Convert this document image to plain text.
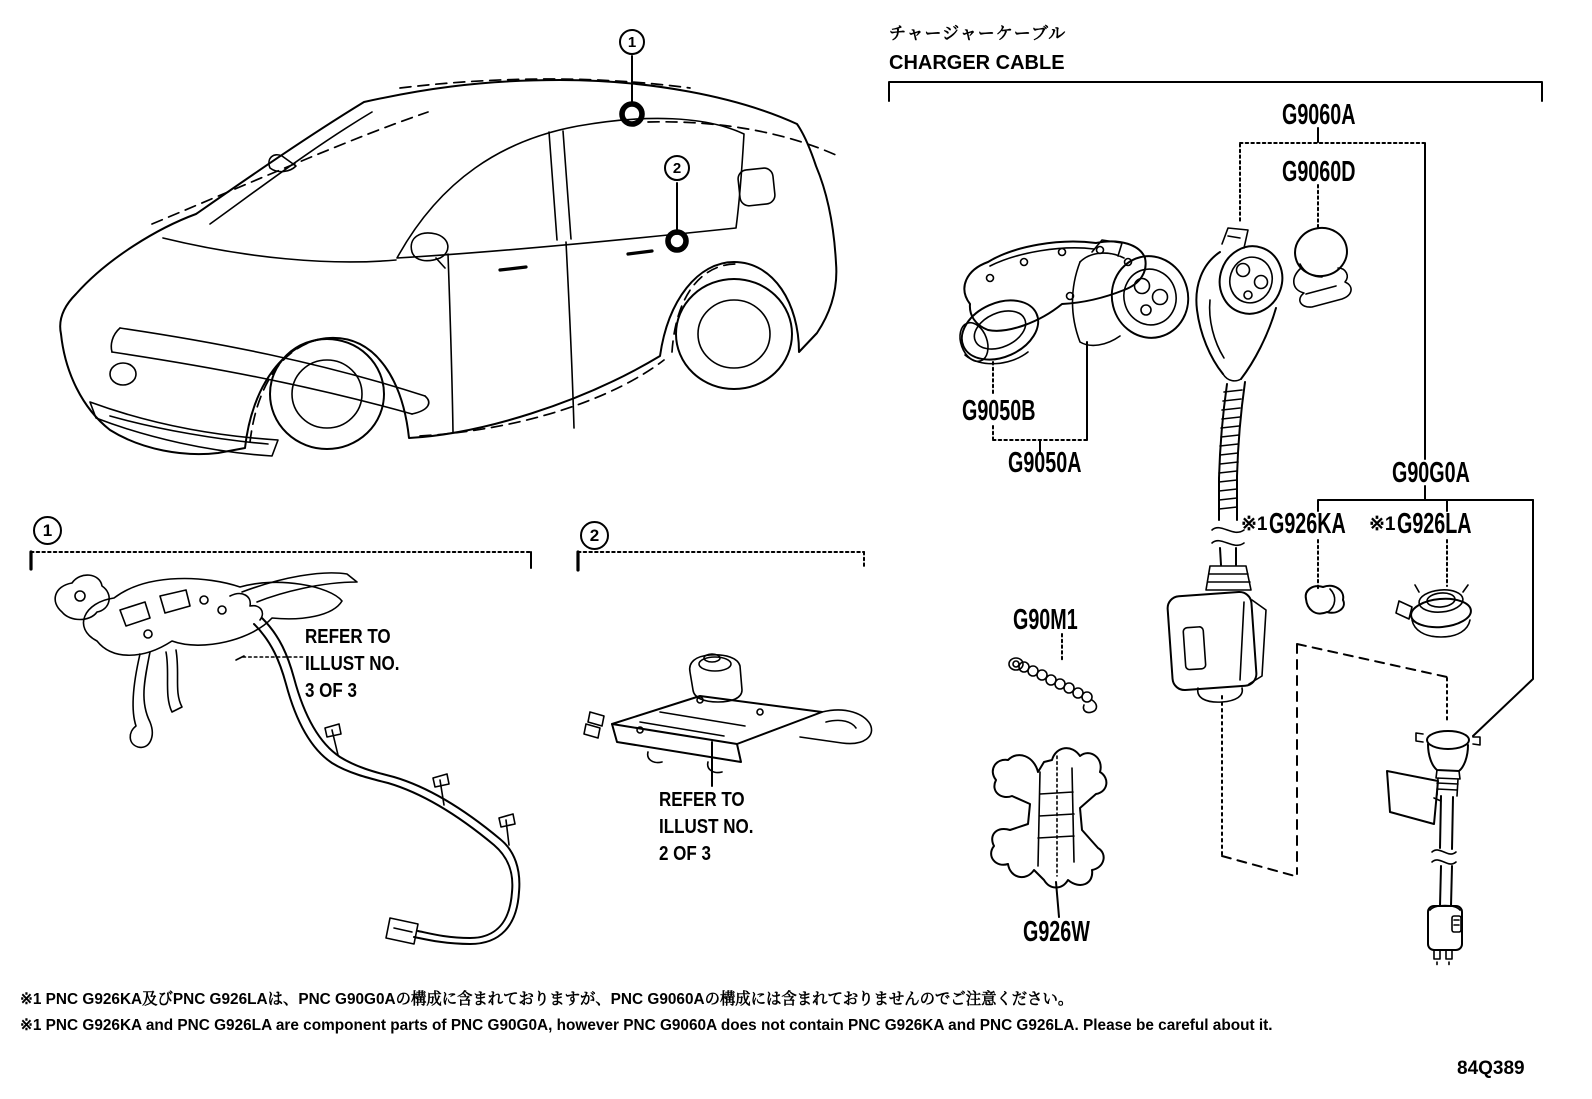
チャージャーケーブル
CHARGER CABLE
1
2
1	2
G9060A
G9060D
G9050B
G9050A	G90G0A
※1 G926KA ※1 G926LA
G90M1
G926W
REFER TO
ILLUST NO.
3 OF 3
REFER TO
ILLUST NO.
2 OF 3
※1 PNC G926KA及びPNC G926LAは、PNC G90G0Aの構成に含まれておりますが、PNC G9060Aの構成には含まれておりませんのでご注意ください。
※1 PNC G926KA and PNC G926LA are component parts of PNC G90G0A, however PNC G9060A does not contain PNC G926KA and PNC G926LA. Please be careful about it.
84Q389
